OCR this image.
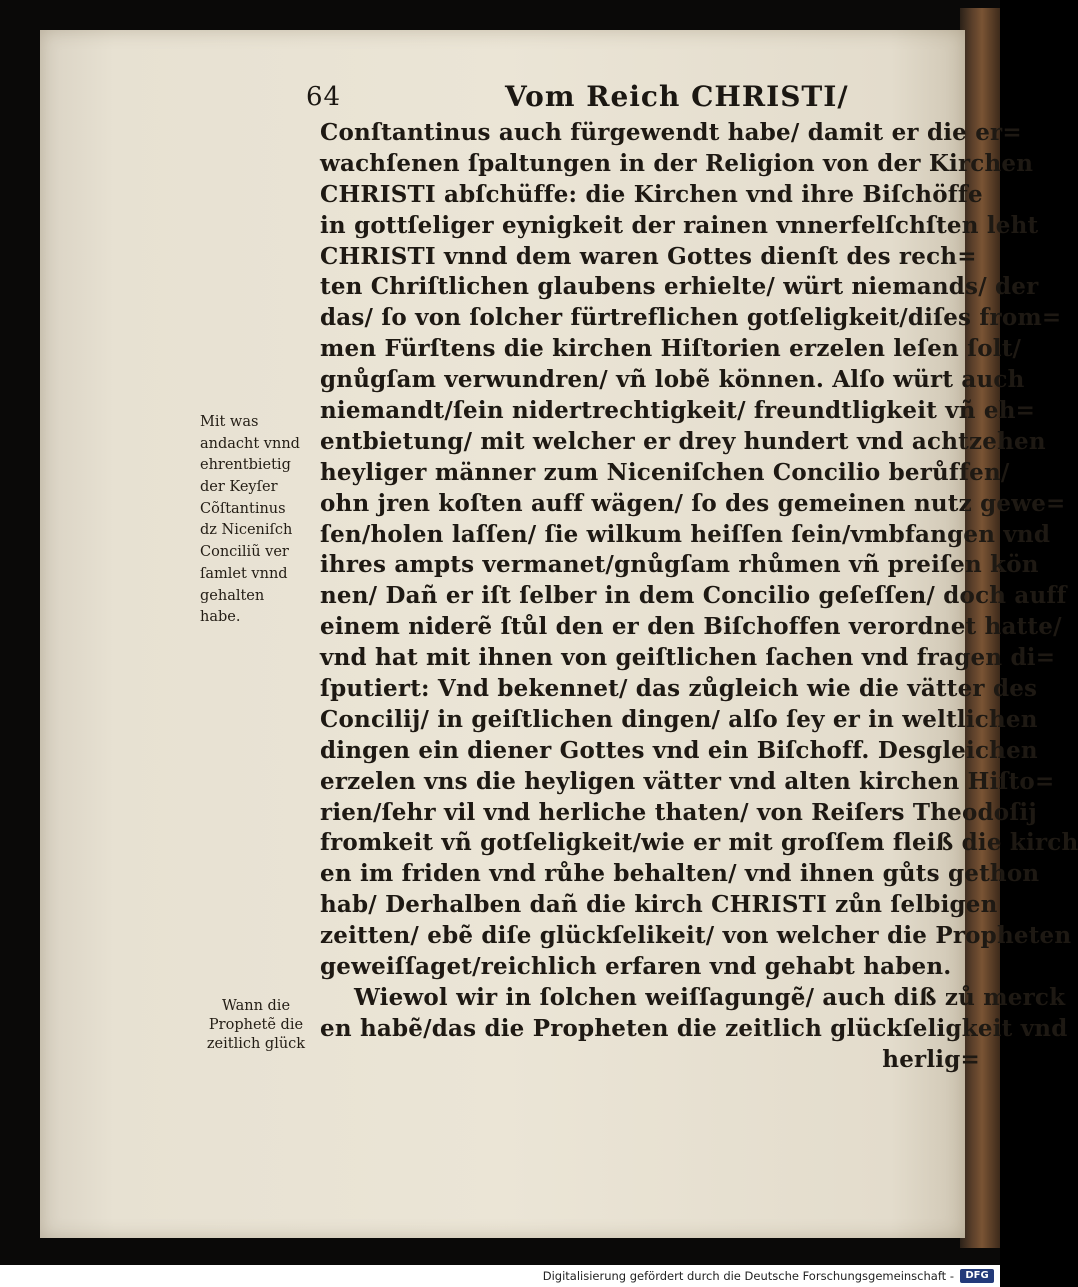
64	Vom Reich CHRISTI/
Conſtantinus auch fürgewendt habe/ damit er die er=
wachſenen ſpaltungen in der Religion von der Kirchen
CHRISTI abſchüffe: die Kirchen vnd ihre Biſchöffe
in gottſeliger eynigkeit der rainen vnnerfelſchſten leht
CHRISTI vnnd dem waren Gottes dienſt des rech=
ten Chriſtlichen glaubens erhielte/ würt niemands/ der
das/ ſo von ſolcher fürtreflichen gotſeligkeit/diſes from=
men Fürſtens die kirchen Hiſtorien erzelen leſen ſolt/
gnůgſam verwundren/ vñ lobẽ können. Alſo würt auch
niemandt/ſein nidertrechtigkeit/ freundtligkeit vñ eh=
entbietung/ mit welcher er drey hundert vnd achtzehen
heyliger männer zum Niceniſchen Concilio berůffen/
ohn jren koſten auff wägen/ ſo des gemeinen nutz gewe=
ſen/holen laſſen/ ſie wilkum heiſſen ſein/vmbfangen vnd
ihres ampts vermanet/gnůgſam rhůmen vñ preiſen kön
nen/ Dañ er iſt ſelber in dem Concilio geſeſſen/ doch auff
einem niderẽ ſtůl den er den Biſchoffen verordnet hatte/
vnd hat mit ihnen von geiſtlichen ſachen vnd fragen di=
ſputiert: Vnd bekennet/ das zůgleich wie die vätter des
Concilij/ in geiſtlichen dingen/ alſo ſey er in weltlichen
dingen ein diener Gottes vnd ein Biſchoff. Desgleichen
erzelen vns die heyligen vätter vnd alten kirchen Hiſto=
rien/ſehr vil vnd herliche thaten/ von Reiſers Theodoſij
fromkeit vñ gotſeligkeit/wie er mit groſſem fleiß die kirch
en im friden vnd růhe behalten/ vnd ihnen gůts gethon
hab/ Derhalben dañ die kirch CHRISTI zůn ſelbigen
zeitten/ ebẽ diſe glückſelikeit/ von welcher die Propheten
geweiſſaget/reichlich erfaren vnd gehabt haben.
Wiewol wir in ſolchen weiſſagungẽ/ auch diß zů merck
en habẽ/das die Propheten die zeitlich glückſeligkeit vnd
herlig=
Mit was
andacht vnnd
ehrentbietig
der Keyſer
Cõſtantinus
dz Niceniſch
Conciliũ ver
ſamlet vnnd
gehalten
habe.
Wann die
Prophetẽ die
zeitlich glück
Digitalisierung gefördert durch die Deutsche Forschungsgemeinschaft -	DFG
